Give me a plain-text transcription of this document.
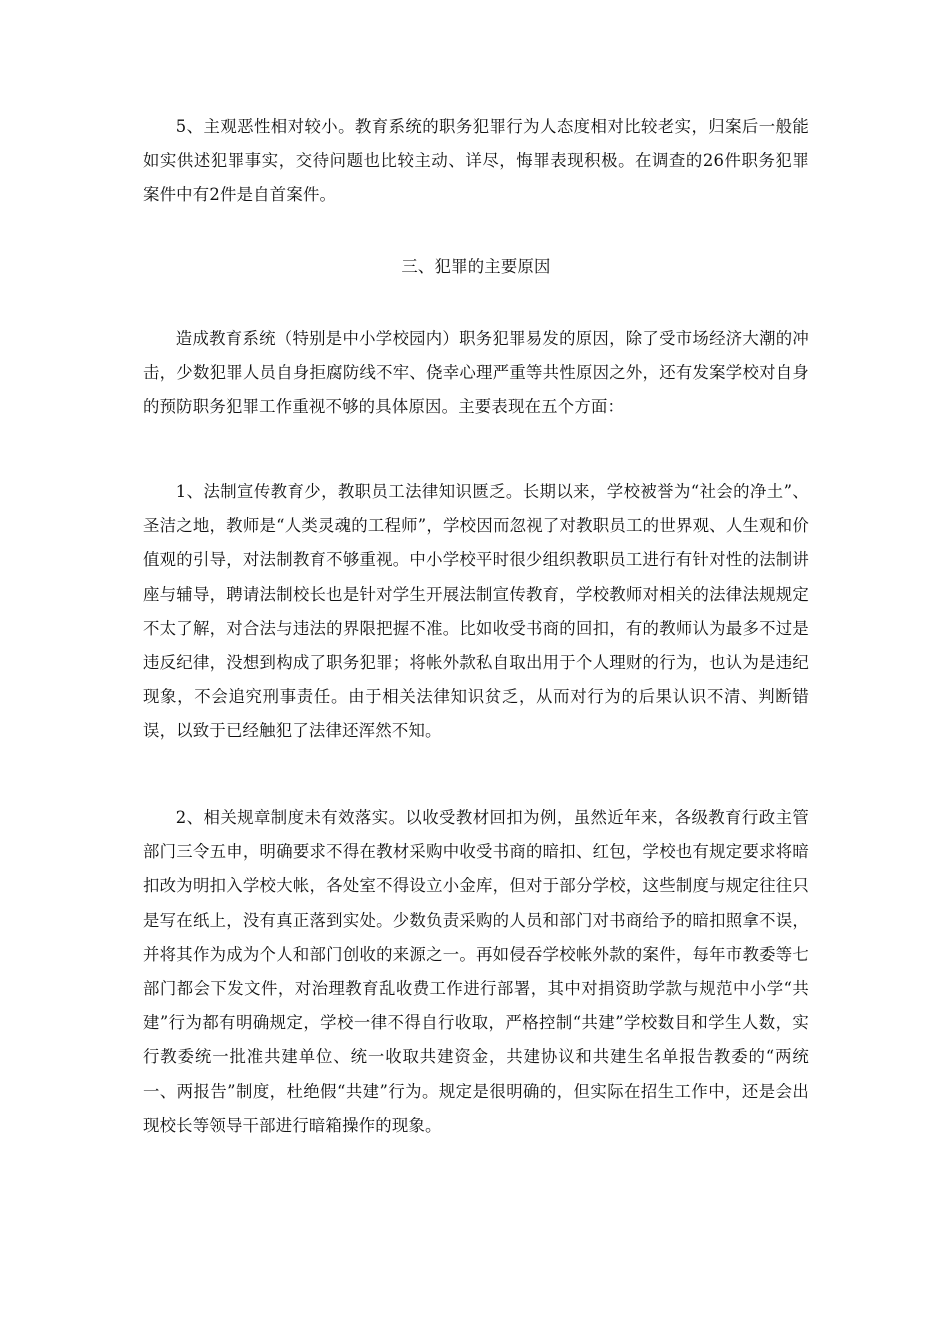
5、主观恶性相对较小。教育系统的职务犯罪行为人态度相对比较老实，归案后一般能如实供述犯罪事实，交待问题也比较主动、详尽，悔罪表现积极。在调查的26件职务犯罪案件中有2件是自首案件。

三、犯罪的主要原因

造成教育系统（特别是中小学校园内）职务犯罪易发的原因，除了受市场经济大潮的冲击，少数犯罪人员自身拒腐防线不牢、侥幸心理严重等共性原因之外，还有发案学校对自身的预防职务犯罪工作重视不够的具体原因。主要表现在五个方面：

1、法制宣传教育少，教职员工法律知识匮乏。长期以来，学校被誉为“社会的净土”、圣洁之地，教师是“人类灵魂的工程师”，学校因而忽视了对教职员工的世界观、人生观和价值观的引导，对法制教育不够重视。中小学校平时很少组织教职员工进行有针对性的法制讲座与辅导，聘请法制校长也是针对学生开展法制宣传教育，学校教师对相关的法律法规规定不太了解，对合法与违法的界限把握不准。比如收受书商的回扣，有的教师认为最多不过是违反纪律，没想到构成了职务犯罪；将帐外款私自取出用于个人理财的行为，也认为是违纪现象，不会追究刑事责任。由于相关法律知识贫乏，从而对行为的后果认识不清、判断错误，以致于已经触犯了法律还浑然不知。

2、相关规章制度未有效落实。以收受教材回扣为例，虽然近年来，各级教育行政主管部门三令五申，明确要求不得在教材采购中收受书商的暗扣、红包，学校也有规定要求将暗扣改为明扣入学校大帐，各处室不得设立小金库，但对于部分学校，这些制度与规定往往只是写在纸上，没有真正落到实处。少数负责采购的人员和部门对书商给予的暗扣照拿不误，并将其作为成为个人和部门创收的来源之一。再如侵吞学校帐外款的案件，每年市教委等七部门都会下发文件，对治理教育乱收费工作进行部署，其中对捐资助学款与规范中小学“共建”行为都有明确规定，学校一律不得自行收取，严格控制“共建”学校数目和学生人数，实行教委统一批准共建单位、统一收取共建资金，共建协议和共建生名单报告教委的“两统一、两报告”制度，杜绝假“共建”行为。规定是很明确的，但实际在招生工作中，还是会出现校长等领导干部进行暗箱操作的现象。
